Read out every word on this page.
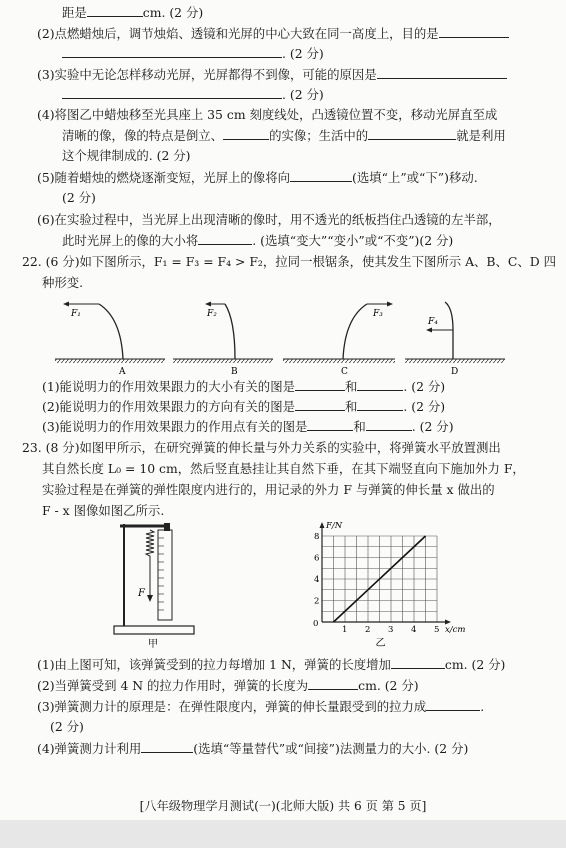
距是	cm. (2 分)
(2)点燃蜡烛后，调节烛焰、透镜和光屏的中心大致在同一高度上，目的是
. (2 分)
(3)实验中无论怎样移动光屏，光屏都得不到像，可能的原因是
. (2 分)
(4)将图乙中蜡烛移至光具座上 35 cm 刻度线处，凸透镜位置不变，移动光屏直至成
清晰的像，像的特点是倒立、	的实像；生活中的	就是利用
这个规律制成的. (2 分)
(5)随着蜡烛的燃烧逐渐变短，光屏上的像将向	(选填“上”或“下”)移动.
(2 分)
(6)在实验过程中，当光屏上出现清晰的像时，用不透光的纸板挡住凸透镜的左半部，
此时光屏上的像的大小将	. (选填“变大”“变小”或“不变”)(2 分)
22. (6 分)如下图所示，F₁ = F₃ = F₄ > F₂，拉同一根锯条，使其发生下图所示 A、B、C、D 四
种形变.
F₁
A
F₂
B
F₃
C
F₄
D
(1)能说明力的作用效果跟力的大小有关的图是	和	. (2 分)
(2)能说明力的作用效果跟力的方向有关的图是	和	. (2 分)
(3)能说明力的作用效果跟力的作用点有关的图是	和	. (2 分)
23. (8 分)如图甲所示，在研究弹簧的伸长量与外力关系的实验中，将弹簧水平放置测出
其自然长度 L₀ = 10 cm，然后竖直悬挂让其自然下垂，在其下端竖直向下施加外力 F，
实验过程是在弹簧的弹性限度内进行的，用记录的外力 F 与弹簧的伸长量 x 做出的
F - x 图像如图乙所示.
F
甲
1 2 3 4 5
2
4
6
8
F/N
x/cm
0
乙
(1)由上图可知，该弹簧受到的拉力每增加 1 N，弹簧的长度增加	cm. (2 分)
(2)当弹簧受到 4 N 的拉力作用时，弹簧的长度为	cm. (2 分)
(3)弹簧测力计的原理是：在弹性限度内，弹簧的伸长量跟受到的拉力成	.
(2 分)
(4)弹簧测力计利用	(选填“等量替代”或“间接”)法测量力的大小. (2 分)
[八年级物理学月测试(一)(北师大版) 共 6 页 第 5 页]
